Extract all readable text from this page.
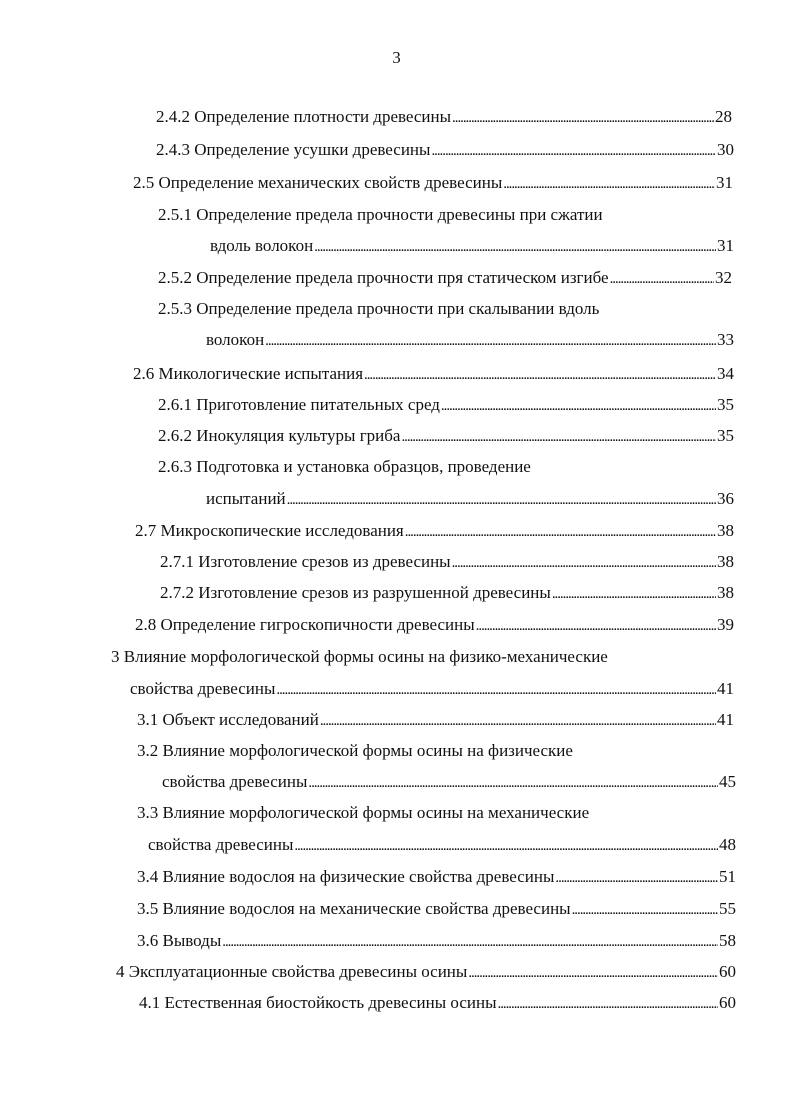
3
2.4.2 Определение плотности древесины . . .	28
2.4.3 Определение усушки древесины . . .	30
2.5 Определение механических свойств древесины . . .	31
2.5.1 Определение предела прочности древесины при сжатии
вдоль волокон . . .	31
2.5.2 Определение предела прочности пря статическом изгибе . . .	32
2.5.3 Определение предела прочности при скалывании вдоль
волокон . . .	33
2.6 Микологические испытания . . .	34
2.6.1 Приготовление питательных сред . . .	35
2.6.2 Инокуляция культуры гриба . . .	35
2.6.3 Подготовка и установка образцов, проведение
испытаний . . .	36
2.7 Микроскопические исследования . . .	38
2.7.1 Изготовление срезов из древесины . . .	38
2.7.2 Изготовление срезов из разрушенной древесины . . .	38
2.8 Определение гигроскопичности древесины . . .	39
3 Влияние морфологической формы осины на физико-механические
свойства древесины . . .	41
3.1 Объект исследований . . .	41
3.2 Влияние морфологической формы осины на физические
свойства древесины . . .	45
3.3 Влияние морфологической формы осины на механические
свойства древесины . . .	48
3.4 Влияние водослоя на физические свойства древесины . . .	51
3.5 Влияние водослоя на механические свойства древесины . . .	55
3.6 Выводы . . .	58
4 Эксплуатационные свойства древесины осины . . .	60
4.1 Естественная биостойкость древесины осины . . .	60
